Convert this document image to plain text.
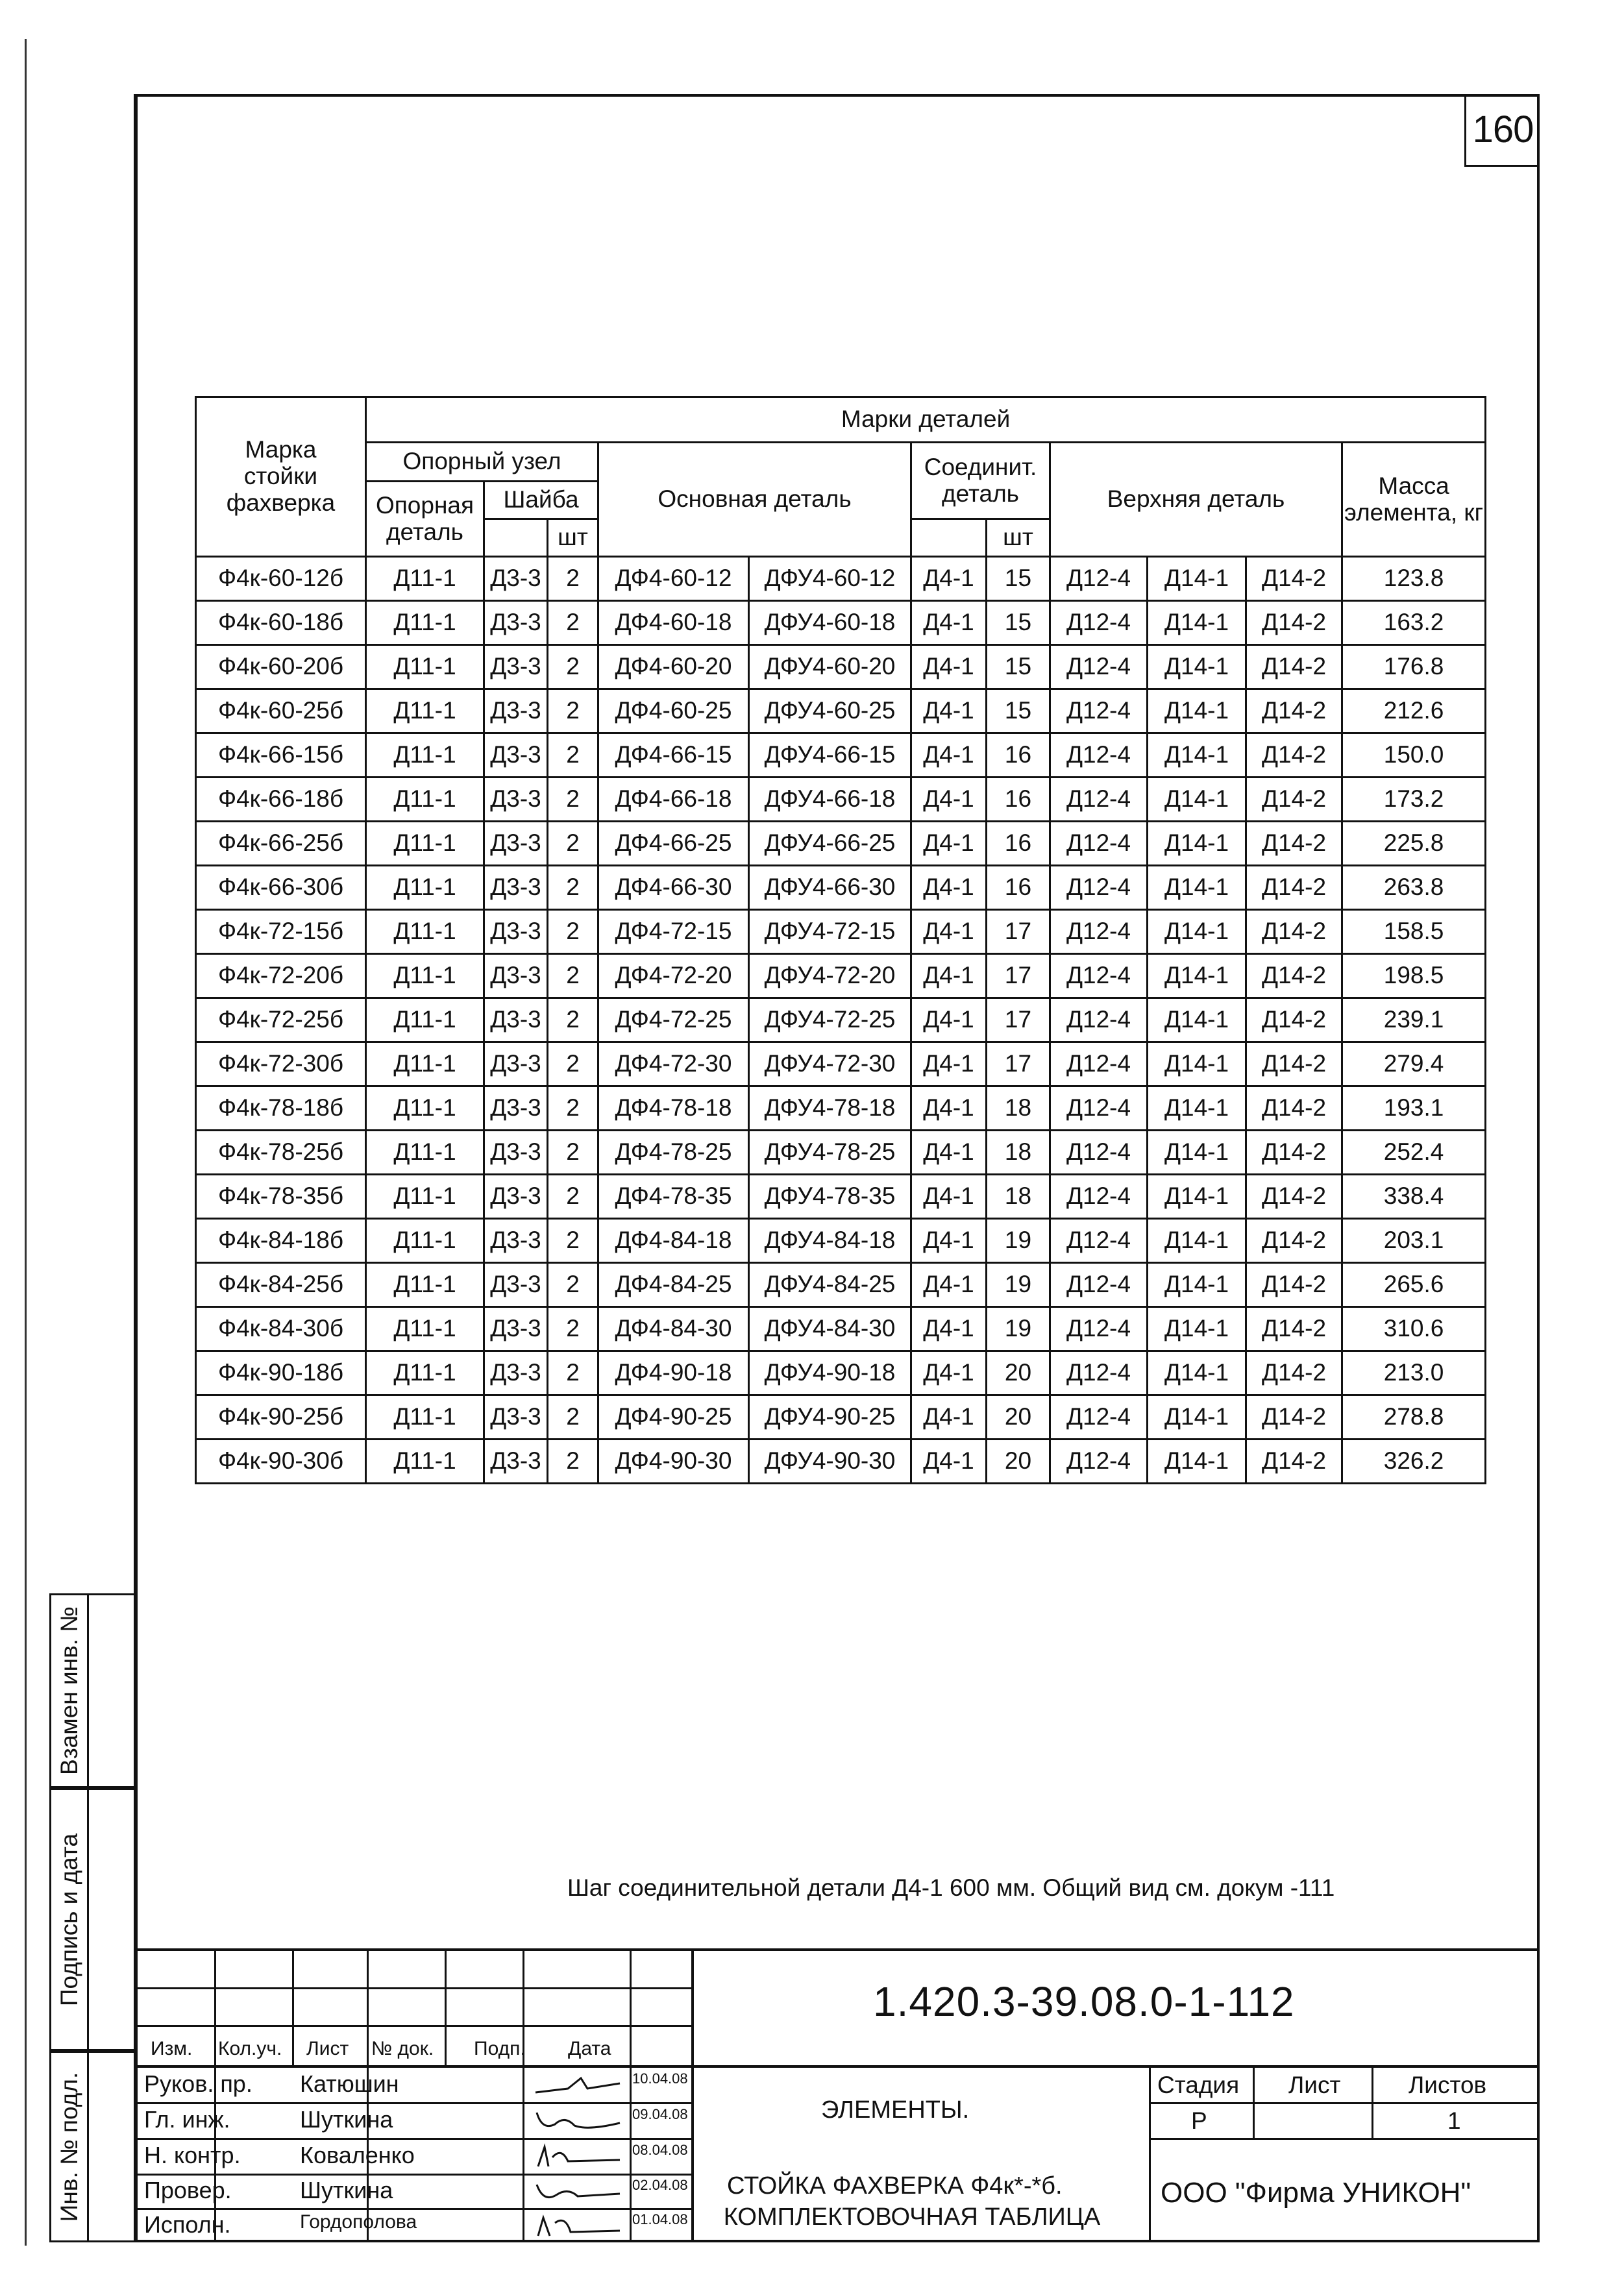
160
Марка стойки фахверка	Марки деталей										
	Опорный узел			Основная деталь		Соединит. деталь		Верхняя деталь			Масса элемента, кг
	Опорная деталь	Шайба									
			шт				шт				
Ф4к-60-12б	Д11-1	Д3-3	2	ДФ4-60-12	ДФУ4-60-12	Д4-1	15	Д12-4	Д14-1	Д14-2	123.8
Ф4к-60-18б	Д11-1	Д3-3	2	ДФ4-60-18	ДФУ4-60-18	Д4-1	15	Д12-4	Д14-1	Д14-2	163.2
Ф4к-60-20б	Д11-1	Д3-3	2	ДФ4-60-20	ДФУ4-60-20	Д4-1	15	Д12-4	Д14-1	Д14-2	176.8
Ф4к-60-25б	Д11-1	Д3-3	2	ДФ4-60-25	ДФУ4-60-25	Д4-1	15	Д12-4	Д14-1	Д14-2	212.6
Ф4к-66-15б	Д11-1	Д3-3	2	ДФ4-66-15	ДФУ4-66-15	Д4-1	16	Д12-4	Д14-1	Д14-2	150.0
Ф4к-66-18б	Д11-1	Д3-3	2	ДФ4-66-18	ДФУ4-66-18	Д4-1	16	Д12-4	Д14-1	Д14-2	173.2
Ф4к-66-25б	Д11-1	Д3-3	2	ДФ4-66-25	ДФУ4-66-25	Д4-1	16	Д12-4	Д14-1	Д14-2	225.8
Ф4к-66-30б	Д11-1	Д3-3	2	ДФ4-66-30	ДФУ4-66-30	Д4-1	16	Д12-4	Д14-1	Д14-2	263.8
Ф4к-72-15б	Д11-1	Д3-3	2	ДФ4-72-15	ДФУ4-72-15	Д4-1	17	Д12-4	Д14-1	Д14-2	158.5
Ф4к-72-20б	Д11-1	Д3-3	2	ДФ4-72-20	ДФУ4-72-20	Д4-1	17	Д12-4	Д14-1	Д14-2	198.5
Ф4к-72-25б	Д11-1	Д3-3	2	ДФ4-72-25	ДФУ4-72-25	Д4-1	17	Д12-4	Д14-1	Д14-2	239.1
Ф4к-72-30б	Д11-1	Д3-3	2	ДФ4-72-30	ДФУ4-72-30	Д4-1	17	Д12-4	Д14-1	Д14-2	279.4
Ф4к-78-18б	Д11-1	Д3-3	2	ДФ4-78-18	ДФУ4-78-18	Д4-1	18	Д12-4	Д14-1	Д14-2	193.1
Ф4к-78-25б	Д11-1	Д3-3	2	ДФ4-78-25	ДФУ4-78-25	Д4-1	18	Д12-4	Д14-1	Д14-2	252.4
Ф4к-78-35б	Д11-1	Д3-3	2	ДФ4-78-35	ДФУ4-78-35	Д4-1	18	Д12-4	Д14-1	Д14-2	338.4
Ф4к-84-18б	Д11-1	Д3-3	2	ДФ4-84-18	ДФУ4-84-18	Д4-1	19	Д12-4	Д14-1	Д14-2	203.1
Ф4к-84-25б	Д11-1	Д3-3	2	ДФ4-84-25	ДФУ4-84-25	Д4-1	19	Д12-4	Д14-1	Д14-2	265.6
Ф4к-84-30б	Д11-1	Д3-3	2	ДФ4-84-30	ДФУ4-84-30	Д4-1	19	Д12-4	Д14-1	Д14-2	310.6
Ф4к-90-18б	Д11-1	Д3-3	2	ДФ4-90-18	ДФУ4-90-18	Д4-1	20	Д12-4	Д14-1	Д14-2	213.0
Ф4к-90-25б	Д11-1	Д3-3	2	ДФ4-90-25	ДФУ4-90-25	Д4-1	20	Д12-4	Д14-1	Д14-2	278.8
Ф4к-90-30б	Д11-1	Д3-3	2	ДФ4-90-30	ДФУ4-90-30	Д4-1	20	Д12-4	Д14-1	Д14-2	326.2
Шаг соединительной детали Д4-1 600 мм. Общий вид см. докум -111
Взамен инв. №
Подпись и дата
Инв. № подл.
1.420.3-39.08.0-1-112
Изм. Кол.уч. Лист № док. Подп. Дата
Руков. пр. Катюшин	10.04.08
Гл. инж.	Шуткина	09.04.08
Н. контр.	Коваленко	08.04.08
Провер.	Шуткина	02.04.08
Исполн.	Гордополова	01.04.08
ЭЛЕМЕНТЫ.
СТОЙКА ФАХВЕРКА Ф4к*-*б.
КОМПЛЕКТОВОЧНАЯ ТАБЛИЦА
Стадия Лист	Листов
Р	1
ООО "Фирма УНИКОН"
